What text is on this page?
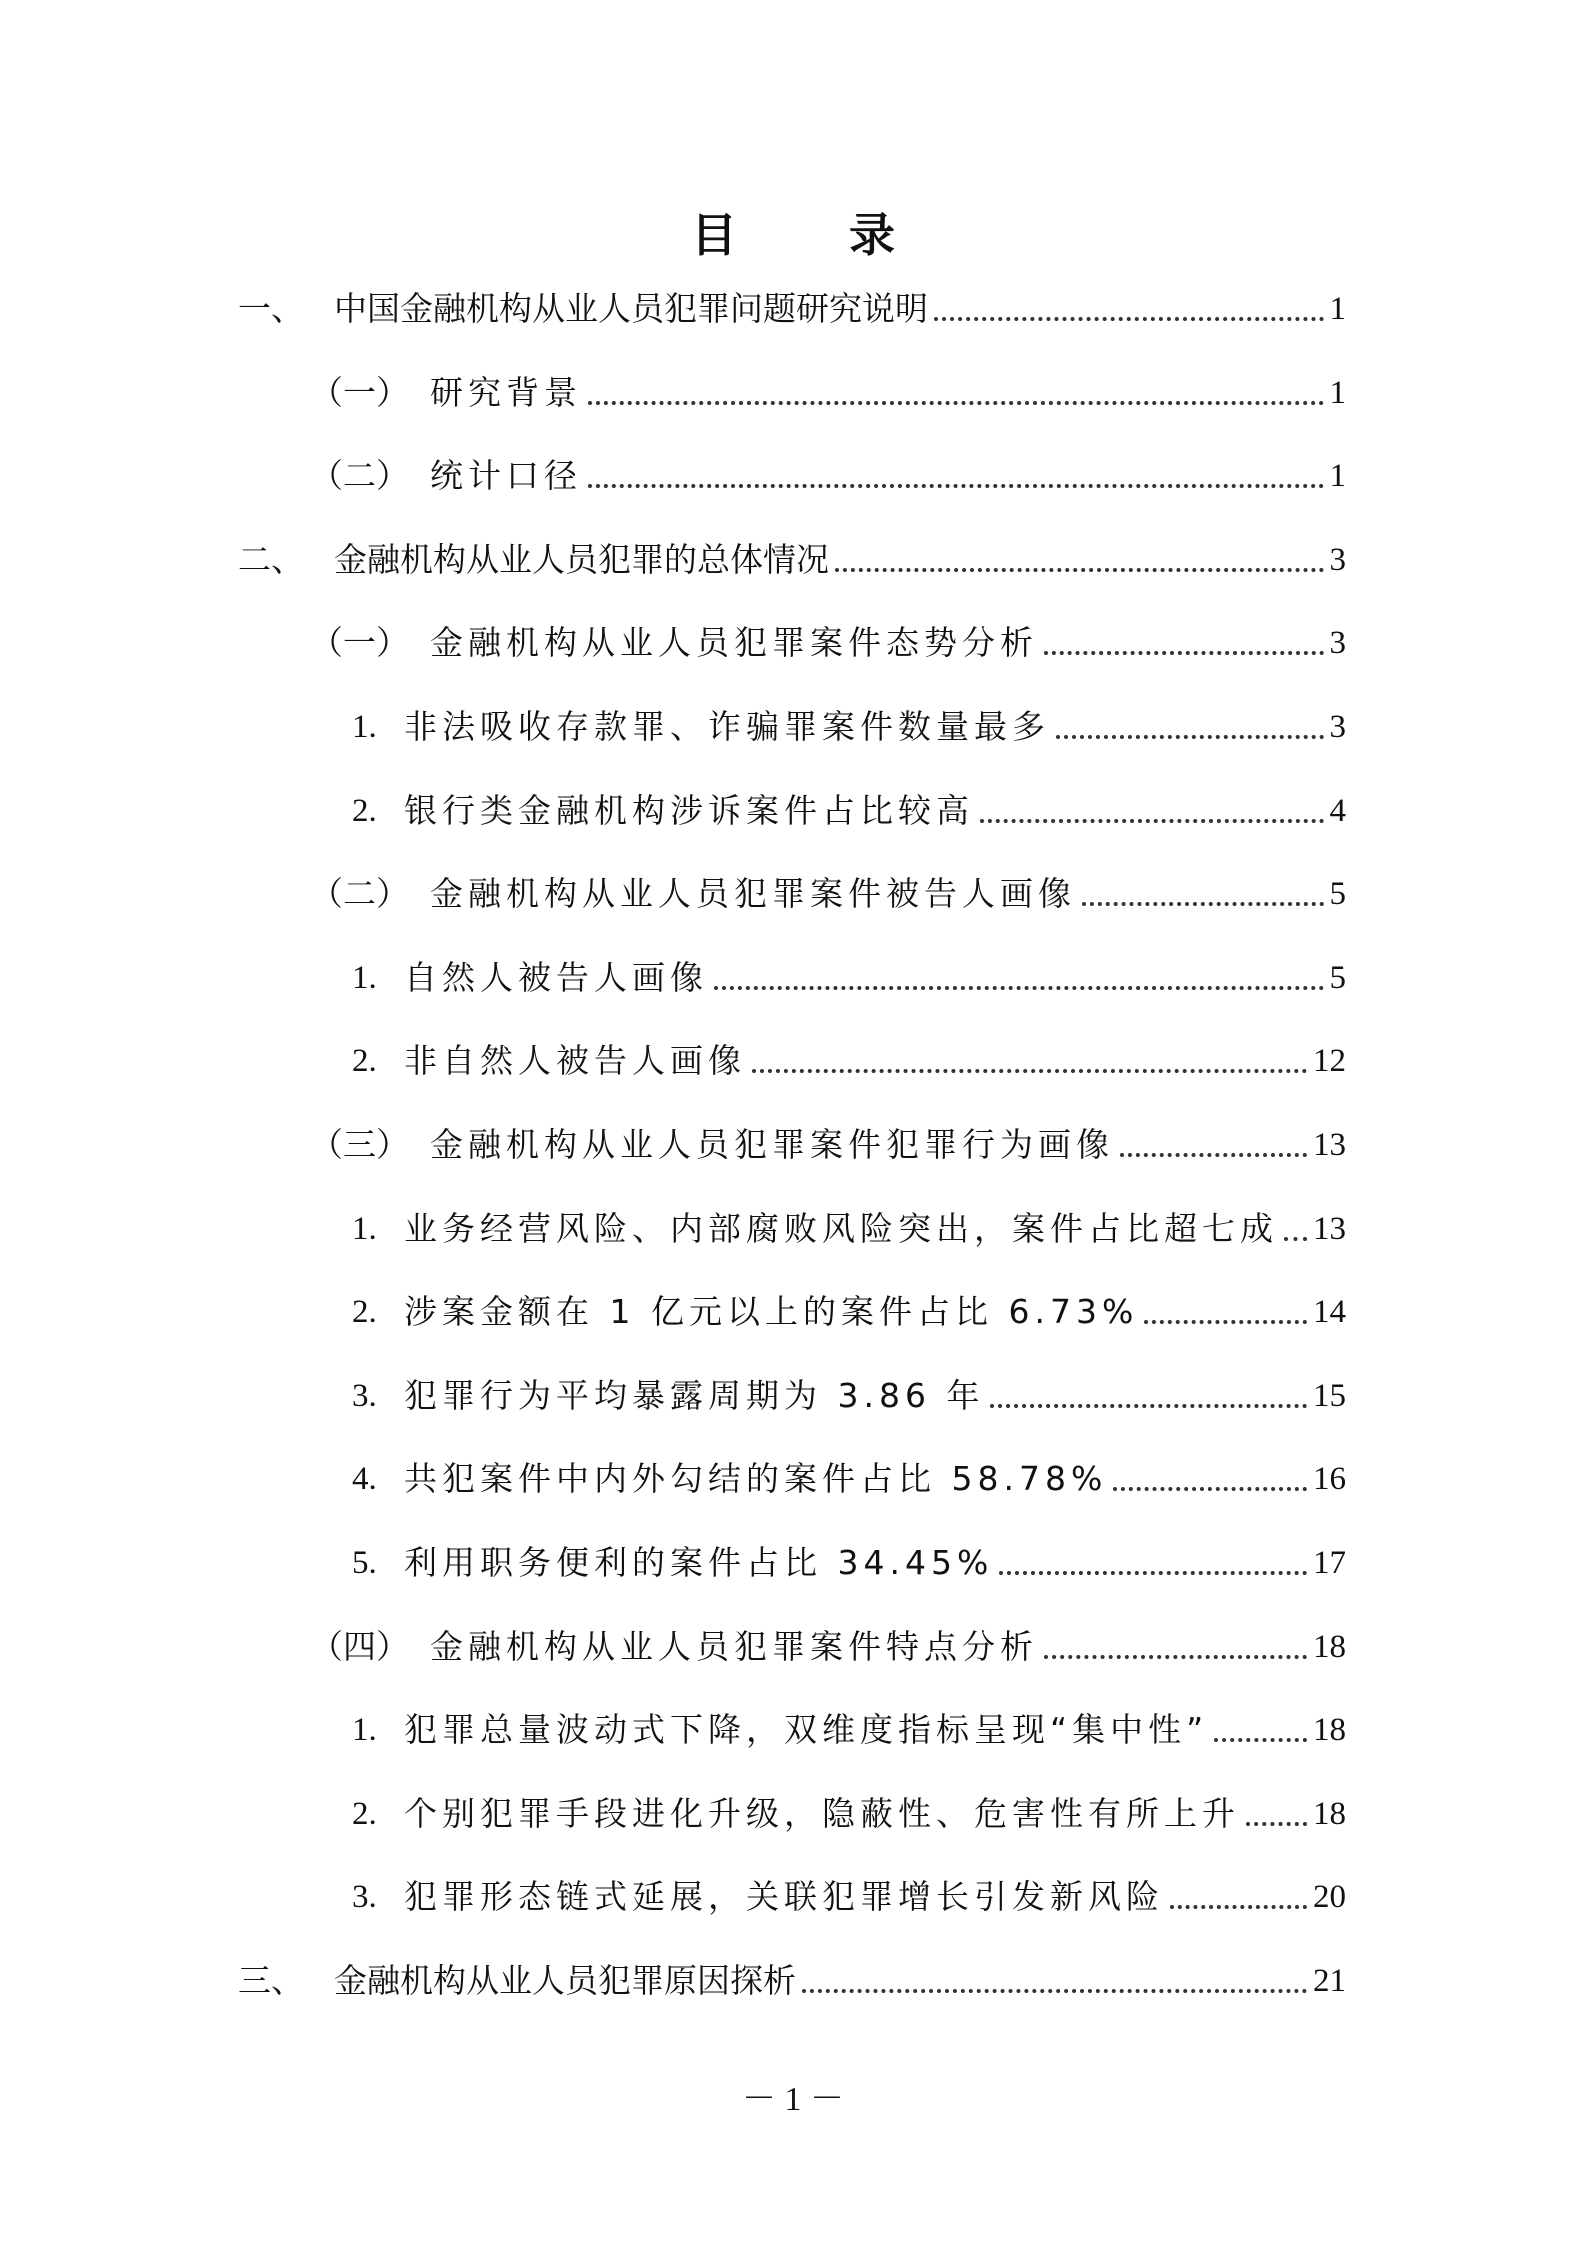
目 录
一、 中国金融机构从业人员犯罪问题研究说明	1
（一） 研究背景	1
（二） 统计口径	1
二、 金融机构从业人员犯罪的总体情况	3
（一） 金融机构从业人员犯罪案件态势分析	3
1. 非法吸收存款罪、诈骗罪案件数量最多	3
2. 银行类金融机构涉诉案件占比较高	4
（二） 金融机构从业人员犯罪案件被告人画像	5
1. 自然人被告人画像	5
2. 非自然人被告人画像	12
（三） 金融机构从业人员犯罪案件犯罪行为画像	13
1. 业务经营风险、内部腐败风险突出，案件占比超七成 13
2. 涉案金额在 1 亿元以上的案件占比 6.73%	14
3. 犯罪行为平均暴露周期为 3.86 年	15
4. 共犯案件中内外勾结的案件占比 58.78%	16
5. 利用职务便利的案件占比 34.45%	17
（四） 金融机构从业人员犯罪案件特点分析	18
1. 犯罪总量波动式下降，双维度指标呈现“集中性”	18
2. 个别犯罪手段进化升级，隐蔽性、危害性有所上升 18
3. 犯罪形态链式延展，关联犯罪增长引发新风险	20
三、 金融机构从业人员犯罪原因探析	21
－ 1 －
